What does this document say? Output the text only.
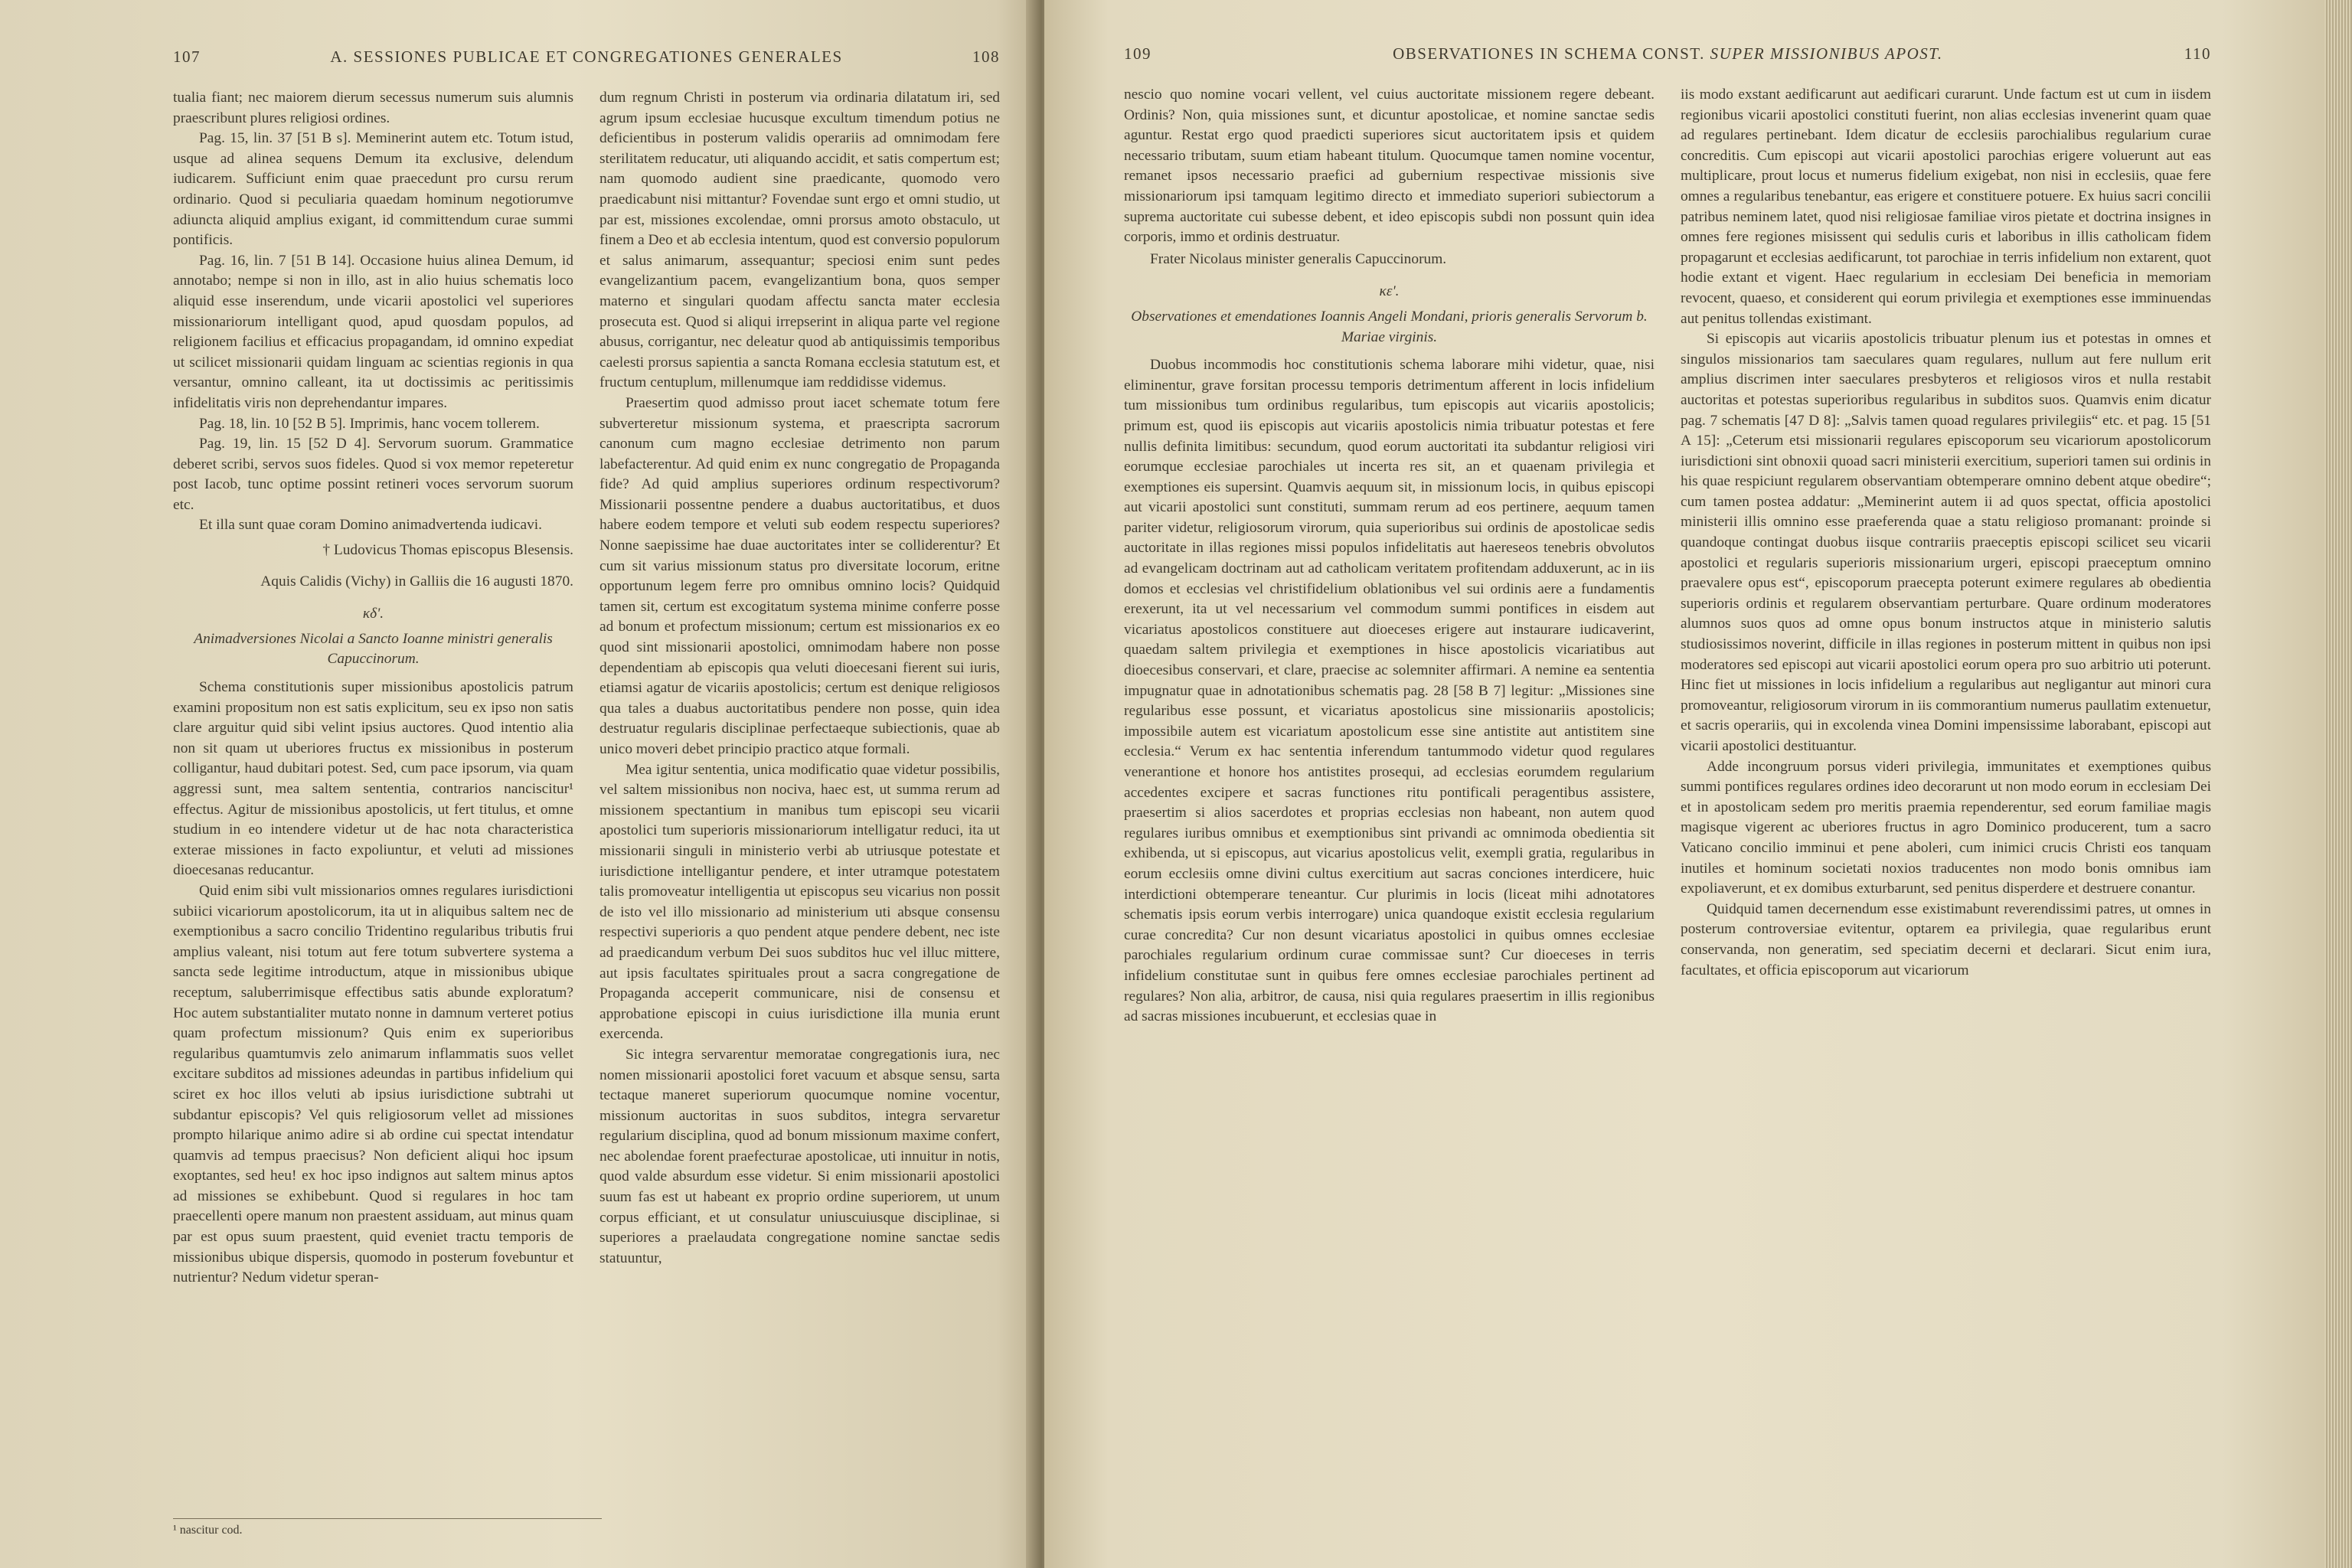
107	A. SESSIONES PUBLICAE ET CONGREGATIONES GENERALES	108

tualia fiant; nec maiorem dierum secessus numerum suis alumnis praescribunt plures religiosi ordines.

Pag. 15, lin. 37 [51 B s]. Meminerint autem etc. Totum istud, usque ad alinea sequens Demum ita exclusive, delendum iudicarem. Sufficiunt enim quae praecedunt pro cursu rerum ordinario. Quod si peculiaria quaedam hominum negotiorumve adiuncta aliquid amplius exigant, id committendum curae summi pontificis.

Pag. 16, lin. 7 [51 B 14]. Occasione huius alinea Demum, id annotabo; nempe si non in illo, ast in alio huius schematis loco aliquid esse inserendum, unde vicarii apostolici vel superiores missionariorum intelligant quod, apud quosdam populos, ad religionem facilius et efficacius propagandam, id omnino expediat ut scilicet missionarii quidam linguam ac scientias regionis in qua versantur, omnino calleant, ita ut doctissimis ac peritissimis infidelitatis viris non deprehendantur impares.

Pag. 18, lin. 10 [52 B 5]. Imprimis, hanc vocem tollerem.

Pag. 19, lin. 15 [52 D 4]. Servorum suorum. Grammatice deberet scribi, servos suos fideles. Quod si vox memor repeteretur post Iacob, tunc optime possint retineri voces servorum suorum etc.

Et illa sunt quae coram Domino animadvertenda iudicavi.

† Ludovicus Thomas episcopus Blesensis.

Aquis Calidis (Vichy) in Galliis die 16 augusti 1870.

κδʹ.

Animadversiones Nicolai a Sancto Ioanne ministri generalis Capuccinorum.

Schema constitutionis super missionibus apostolicis patrum examini propositum non est satis explicitum, seu ex ipso non satis clare arguitur quid sibi velint ipsius auctores. Quod intentio alia non sit quam ut uberiores fructus ex missionibus in posterum colligantur, haud dubitari potest. Sed, cum pace ipsorum, via quam aggressi sunt, mea saltem sententia, contrarios nanciscitur¹ effectus. Agitur de missionibus apostolicis, ut fert titulus, et omne studium in eo intendere videtur ut de hac nota characteristica exterae missiones in facto expoliuntur, et veluti ad missiones dioecesanas reducantur.

Quid enim sibi vult missionarios omnes regulares iurisdictioni subiici vicariorum apostolicorum, ita ut in aliquibus saltem nec de exemptionibus a sacro concilio Tridentino regularibus tributis frui amplius valeant, nisi totum aut fere totum subvertere systema a sancta sede legitime introductum, atque in missionibus ubique receptum, saluberrimisque effectibus satis abunde exploratum? Hoc autem substantialiter mutato nonne in damnum verteret potius quam profectum missionum? Quis enim ex superioribus regularibus quamtumvis zelo animarum inflammatis suos vellet excitare subditos ad missiones adeundas in partibus infidelium qui sciret ex hoc illos veluti ab ipsius iurisdictione subtrahi ut subdantur episcopis? Vel quis religiosorum vellet ad missiones prompto hilarique animo adire si ab ordine cui spectat intendatur quamvis ad tempus praecisus? Non deficient aliqui hoc ipsum exoptantes, sed heu! ex hoc ipso indignos aut saltem minus aptos ad missiones se exhibebunt. Quod si regulares in hoc tam praecellenti opere manum non praestent assiduam, aut minus quam par est opus suum praestent, quid eveniet tractu temporis de missionibus ubique dispersis, quomodo in posterum fovebuntur et nutrientur? Nedum videtur speran-

dum regnum Christi in posterum via ordinaria dilatatum iri, sed agrum ipsum ecclesiae hucusque excultum timendum potius ne deficientibus in posterum validis operariis ad omnimodam fere sterilitatem reducatur, uti aliquando accidit, et satis compertum est; nam quomodo audient sine praedicante, quomodo vero praedicabunt nisi mittantur? Fovendae sunt ergo et omni studio, ut par est, missiones excolendae, omni prorsus amoto obstaculo, ut finem a Deo et ab ecclesia intentum, quod est conversio populorum et salus animarum, assequantur; speciosi enim sunt pedes evangelizantium pacem, evangelizantium bona, quos semper materno et singulari quodam affectu sancta mater ecclesia prosecuta est. Quod si aliqui irrepserint in aliqua parte vel regione abusus, corrigantur, nec deleatur quod ab antiquissimis temporibus caelesti prorsus sapientia a sancta Romana ecclesia statutum est, et fructum centuplum, millenumque iam reddidisse videmus.

Praesertim quod admisso prout iacet schemate totum fere subverteretur missionum systema, et praescripta sacrorum canonum cum magno ecclesiae detrimento non parum labefacterentur. Ad quid enim ex nunc congregatio de Propaganda fide? Ad quid amplius superiores ordinum respectivorum? Missionarii possentne pendere a duabus auctoritatibus, et duos habere eodem tempore et veluti sub eodem respectu superiores? Nonne saepissime hae duae auctoritates inter se colliderentur? Et cum sit varius missionum status pro diversitate locorum, eritne opportunum legem ferre pro omnibus omnino locis? Quidquid tamen sit, certum est excogitatum systema minime conferre posse ad bonum et profectum missionum; certum est missionarios ex eo quod sint missionarii apostolici, omnimodam habere non posse dependentiam ab episcopis qua veluti dioecesani fierent sui iuris, etiamsi agatur de vicariis apostolicis; certum est denique religiosos qua tales a duabus auctoritatibus pendere non posse, quin idea destruatur regularis disciplinae perfectaeque subiectionis, quae ab unico moveri debet principio practico atque formali.

Mea igitur sententia, unica modificatio quae videtur possibilis, vel saltem missionibus non nociva, haec est, ut summa rerum ad missionem spectantium in manibus tum episcopi seu vicarii apostolici tum superioris missionariorum intelligatur reduci, ita ut missionarii singuli in ministerio verbi ab utriusque potestate et iurisdictione intelligantur pendere, et inter utramque potestatem talis promoveatur intelligentia ut episcopus seu vicarius non possit de isto vel illo missionario ad ministerium uti absque consensu respectivi superioris a quo pendent atque pendere debent, nec iste ad praedicandum verbum Dei suos subditos huc vel illuc mittere, aut ipsis facultates spirituales prout a sacra congregatione de Propaganda acceperit communicare, nisi de consensu et approbatione episcopi in cuius iurisdictione illa munia erunt exercenda.

Sic integra servarentur memoratae congregationis iura, nec nomen missionarii apostolici foret vacuum et absque sensu, sarta tectaque maneret superiorum quocumque nomine vocentur, missionum auctoritas in suos subditos, integra servaretur regularium disciplina, quod ad bonum missionum maxime confert, nec abolendae forent praefecturae apostolicae, uti innuitur in notis, quod valde absurdum esse videtur. Si enim missionarii apostolici suum fas est ut habeant ex proprio ordine superiorem, ut unum corpus efficiant, et ut consulatur uniuscuiusque disciplinae, si superiores a praelaudata congregatione nomine sanctae sedis statuuntur,

¹ nascitur cod.
109	OBSERVATIONES IN SCHEMA CONST. SUPER MISSIONIBUS APOST.	110

nescio quo nomine vocari vellent, vel cuius auctoritate missionem regere debeant. Ordinis? Non, quia missiones sunt, et dicuntur apostolicae, et nomine sanctae sedis aguntur. Restat ergo quod praedicti superiores sicut auctoritatem ipsis et quidem necessario tributam, suum etiam habeant titulum. Quocumque tamen nomine vocentur, remanet ipsos necessario praefici ad gubernium respectivae missionis sive missionariorum ipsi tamquam legitimo directo et immediato superiori subiectorum a suprema auctoritate cui subesse debent, et ideo episcopis subdi non possunt quin idea corporis, immo et ordinis destruatur.

Frater Nicolaus minister generalis Capuccinorum.

κεʹ.

Observationes et emendationes Ioannis Angeli Mondani, prioris generalis Servorum b. Mariae virginis.

Duobus incommodis hoc constitutionis schema laborare mihi videtur, quae, nisi eliminentur, grave forsitan processu temporis detrimentum afferent in locis infidelium tum missionibus tum ordinibus regularibus, tum episcopis aut vicariis apostolicis; primum est, quod iis episcopis aut vicariis apostolicis nimia tribuatur potestas et fere nullis definita limitibus: secundum, quod eorum auctoritati ita subdantur religiosi viri eorumque ecclesiae parochiales ut incerta res sit, an et quaenam privilegia et exemptiones eis supersint. Quamvis aequum sit, in missionum locis, in quibus episcopi aut vicarii apostolici sunt constituti, summam rerum ad eos pertinere, aequum tamen pariter videtur, religiosorum virorum, quia superioribus sui ordinis de apostolicae sedis auctoritate in illas regiones missi populos infidelitatis aut haereseos tenebris obvolutos ad evangelicam doctrinam aut ad catholicam veritatem profitendam adduxerunt, ac in iis domos et ecclesias vel christifidelium oblationibus vel sui ordinis aere a fundamentis erexerunt, ita ut vel necessarium vel commodum summi pontifices in eisdem aut vicariatus apostolicos constituere aut dioeceses erigere aut instaurare iudicaverint, quaedam saltem privilegia et exemptiones in hisce apostolicis vicariatibus aut dioecesibus conservari, et clare, praecise ac solemniter affirmari. A nemine ea sententia impugnatur quae in adnotationibus schematis pag. 28 [58 B 7] legitur: „Missiones sine regularibus esse possunt, et vicariatus apostolicus sine missionariis apostolicis; impossibile autem est vicariatum apostolicum esse sine antistite aut antistitem sine ecclesia.“ Verum ex hac sententia inferendum tantummodo videtur quod regulares venerantione et honore hos antistites prosequi, ad ecclesias eorumdem regularium accedentes excipere et sacras functiones ritu pontificali peragentibus assistere, praesertim si alios sacerdotes et proprias ecclesias non habeant, non autem quod regulares iuribus omnibus et exemptionibus sint privandi ac omnimoda obedientia sit exhibenda, ut si episcopus, aut vicarius apostolicus velit, exempli gratia, regularibus in eorum ecclesiis omne divini cultus exercitium aut sacras conciones interdicere, huic interdictioni obtemperare teneantur. Cur plurimis in locis (liceat mihi adnotatores schematis ipsis eorum verbis interrogare) unica quandoque existit ecclesia regularium curae concredita? Cur non desunt vicariatus apostolici in quibus omnes ecclesiae parochiales regularium ordinum curae commissae sunt? Cur dioeceses in terris infidelium constitutae sunt in quibus fere omnes ecclesiae parochiales pertinent ad regulares? Non alia, arbitror, de causa, nisi quia regulares praesertim in illis regionibus ad sacras missiones incubuerunt, et ecclesias quae in

iis modo exstant aedificarunt aut aedificari curarunt. Unde factum est ut cum in iisdem regionibus vicarii apostolici constituti fuerint, non alias ecclesias invenerint quam quae ad regulares pertinebant. Idem dicatur de ecclesiis parochialibus regularium curae concreditis. Cum episcopi aut vicarii apostolici parochias erigere voluerunt aut eas multiplicare, prout locus et numerus fidelium exigebat, non nisi in ecclesiis, quae fere omnes a regularibus tenebantur, eas erigere et constituere potuere. Ex huius sacri concilii patribus neminem latet, quod nisi religiosae familiae viros pietate et doctrina insignes in omnes fere regiones misissent qui sedulis curis et laboribus in illis catholicam fidem propagarunt et ecclesias aedificarunt, tot parochiae in terris infidelium non extarent, quot hodie extant et vigent. Haec regularium in ecclesiam Dei beneficia in memoriam revocent, quaeso, et considerent qui eorum privilegia et exemptiones esse imminuendas aut penitus tollendas existimant.

Si episcopis aut vicariis apostolicis tribuatur plenum ius et potestas in omnes et singulos missionarios tam saeculares quam regulares, nullum aut fere nullum erit amplius discrimen inter saeculares presbyteros et religiosos viros et nulla restabit auctoritas et potestas superioribus regularibus in subditos suos. Quamvis enim dicatur pag. 7 schematis [47 D 8]: „Salvis tamen quoad regulares privilegiis“ etc. et pag. 15 [51 A 15]: „Ceterum etsi missionarii regulares episcoporum seu vicariorum apostolicorum iurisdictioni sint obnoxii quoad sacri ministerii exercitium, superiori tamen sui ordinis in his quae respiciunt regularem observantiam obtemperare omnino debent atque obedire“; cum tamen postea addatur: „Meminerint autem ii ad quos spectat, officia apostolici ministerii illis omnino esse praeferenda quae a statu religioso promanant: proinde si quandoque contingat duobus iisque contrariis praeceptis episcopi scilicet seu vicarii apostolici et regularis superioris missionarium urgeri, episcopi praeceptum omnino praevalere opus est“, episcoporum praecepta poterunt eximere regulares ab obedientia superioris ordinis et regularem observantiam perturbare. Quare ordinum moderatores alumnos suos quos ad omne opus bonum instructos atque in ministerio salutis studiosissimos noverint, difficile in illas regiones in posterum mittent in quibus non ipsi moderatores sed episcopi aut vicarii apostolici eorum opera pro suo arbitrio uti poterunt. Hinc fiet ut missiones in locis infidelium a regularibus aut negligantur aut minori cura promoveantur, religiosorum virorum in iis commorantium numerus paullatim extenuetur, et sacris operariis, qui in excolenda vinea Domini impensissime laborabant, episcopi aut vicarii apostolici destituantur.

Adde incongruum porsus videri privilegia, immunitates et exemptiones quibus summi pontifices regulares ordines ideo decorarunt ut non modo eorum in ecclesiam Dei et in apostolicam sedem pro meritis praemia rependerentur, sed eorum familiae magis magisque vigerent ac uberiores fructus in agro Dominico producerent, tum a sacro Vaticano concilio imminui et pene aboleri, cum inimici crucis Christi eos tanquam inutiles et hominum societati noxios traducentes non modo bonis omnibus iam expoliaverunt, et ex domibus exturbarunt, sed penitus disperdere et destruere conantur.

Quidquid tamen decernendum esse existimabunt reverendissimi patres, ut omnes in posterum controversiae evitentur, optarem ea privilegia, quae regularibus erunt conservanda, non generatim, sed speciatim decerni et declarari. Sicut enim iura, facultates, et officia episcoporum aut vicariorum
